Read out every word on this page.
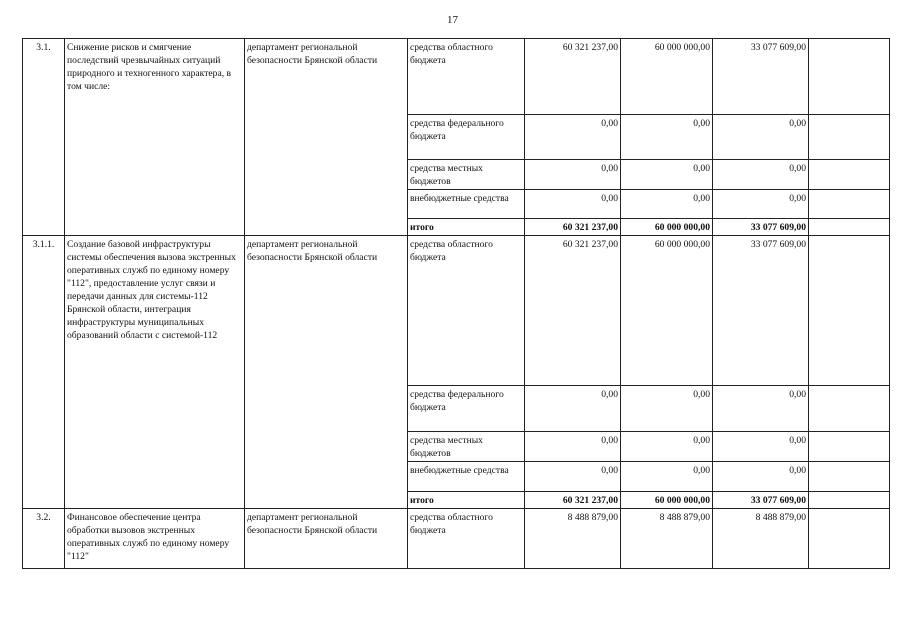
17
3.1.	Снижение рисков и смягчение последствий чрезвычайных ситуаций природного и техногенного характера, в том числе:	департамент региональной безопасности Брянской области	средства областного бюджета	60 321 237,00	60 000 000,00	33 077 609,00	
			средства федерального бюджета	0,00	0,00	0,00	
			средства местных бюджетов	0,00	0,00	0,00	
			внебюджетные средства	0,00	0,00	0,00	
			итого	60 321 237,00	60 000 000,00	33 077 609,00	
3.1.1.	Создание базовой инфраструктуры системы обеспечения вызова экстренных оперативных служб по единому номеру "112", предоставление услуг связи и передачи данных для системы-112 Брянской области, интеграция инфраструктуры муниципальных образований области с системой-112	департамент региональной безопасности Брянской области	средства областного бюджета	60 321 237,00	60 000 000,00	33 077 609,00	
			средства федерального бюджета	0,00	0,00	0,00	
			средства местных бюджетов	0,00	0,00	0,00	
			внебюджетные средства	0,00	0,00	0,00	
			итого	60 321 237,00	60 000 000,00	33 077 609,00	
3.2.	Финансовое обеспечение центра обработки вызовов экстренных оперативных служб по единому номеру "112"	департамент региональной безопасности Брянской области	средства областного бюджета	8 488 879,00	8 488 879,00	8 488 879,00	
